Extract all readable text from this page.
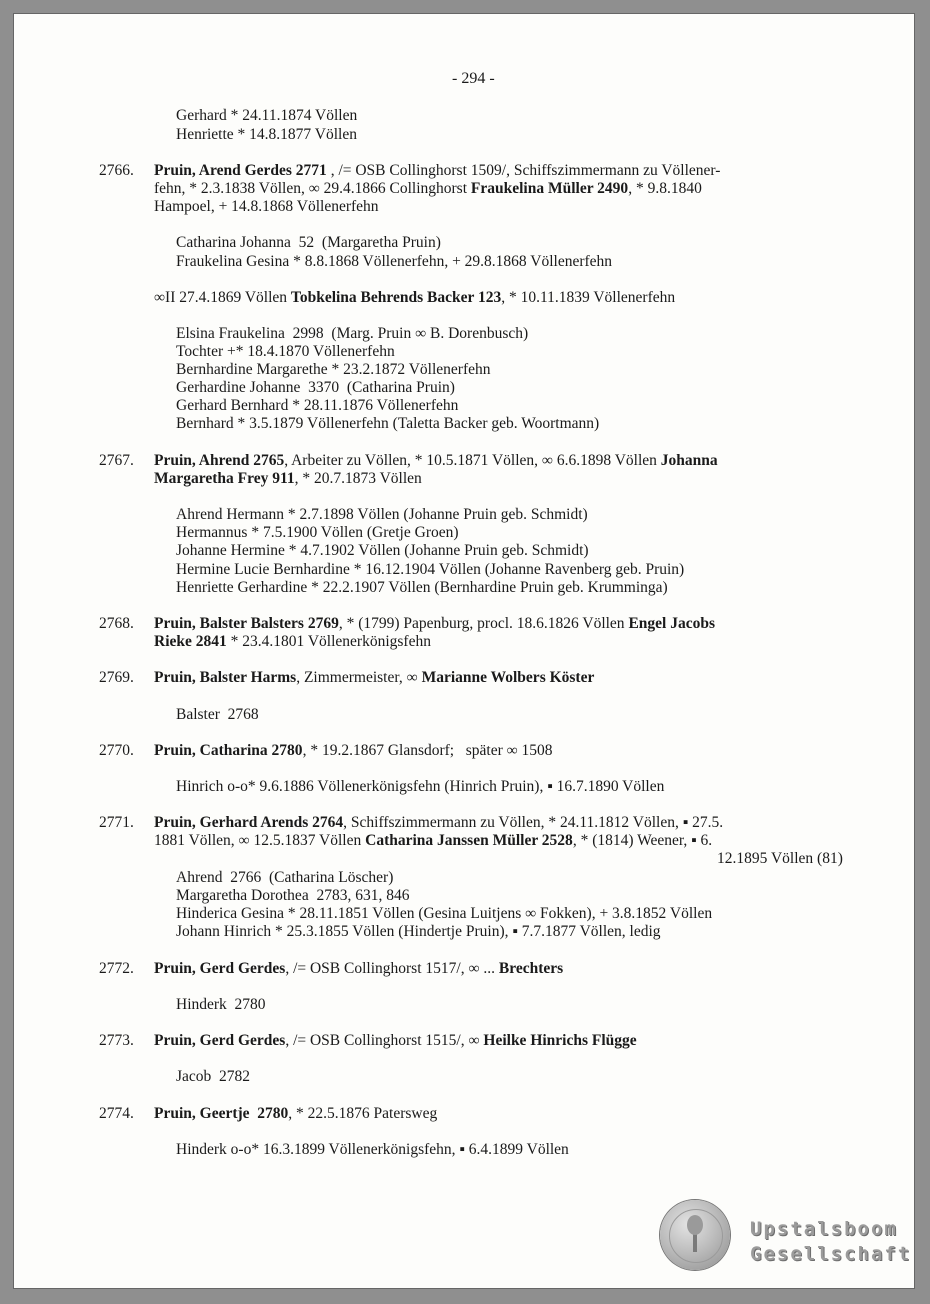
- 294 -
Gerhard * 24.11.1874 Völlen
Henriette * 14.8.1877 Völlen
2766. Pruin, Arend Gerdes 2771 , /= OSB Collinghorst 1509/, Schiffszimmermann zu Völlener-
fehn, * 2.3.1838 Völlen, ∞ 29.4.1866 Collinghorst Fraukelina Müller 2490, * 9.8.1840
Hampoel, + 14.8.1868 Völlenerfehn
Catharina Johanna  52  (Margaretha Pruin)
Fraukelina Gesina * 8.8.1868 Völlenerfehn, + 29.8.1868 Völlenerfehn
∞II 27.4.1869 Völlen Tobkelina Behrends Backer 123, * 10.11.1839 Völlenerfehn
Elsina Fraukelina  2998  (Marg. Pruin ∞ B. Dorenbusch)
Tochter +* 18.4.1870 Völlenerfehn
Bernhardine Margarethe * 23.2.1872 Völlenerfehn
Gerhardine Johanne  3370  (Catharina Pruin)
Gerhard Bernhard * 28.11.1876 Völlenerfehn
Bernhard * 3.5.1879 Völlenerfehn (Taletta Backer geb. Woortmann)
2767. Pruin, Ahrend 2765, Arbeiter zu Völlen, * 10.5.1871 Völlen, ∞ 6.6.1898 Völlen Johanna
Margaretha Frey 911, * 20.7.1873 Völlen
Ahrend Hermann * 2.7.1898 Völlen (Johanne Pruin geb. Schmidt)
Hermannus * 7.5.1900 Völlen (Gretje Groen)
Johanne Hermine * 4.7.1902 Völlen (Johanne Pruin geb. Schmidt)
Hermine Lucie Bernhardine * 16.12.1904 Völlen (Johanne Ravenberg geb. Pruin)
Henriette Gerhardine * 22.2.1907 Völlen (Bernhardine Pruin geb. Krumminga)
2768. Pruin, Balster Balsters 2769, * (1799) Papenburg, procl. 18.6.1826 Völlen Engel Jacobs
Rieke 2841 * 23.4.1801 Völlenerkönigsfehn
2769. Pruin, Balster Harms, Zimmermeister, ∞ Marianne Wolbers Köster
Balster  2768
2770. Pruin, Catharina 2780, * 19.2.1867 Glansdorf;   später ∞ 1508
Hinrich o-o* 9.6.1886 Völlenerkönigsfehn (Hinrich Pruin), ▪ 16.7.1890 Völlen
2771. Pruin, Gerhard Arends 2764, Schiffszimmermann zu Völlen, * 24.11.1812 Völlen, ▪ 27.5.
1881 Völlen, ∞ 12.5.1837 Völlen Catharina Janssen Müller 2528, * (1814) Weener, ▪ 6.
12.1895 Völlen (81)
Ahrend  2766  (Catharina Löscher)
Margaretha Dorothea  2783, 631, 846
Hinderica Gesina * 28.11.1851 Völlen (Gesina Luitjens ∞ Fokken), + 3.8.1852 Völlen
Johann Hinrich * 25.3.1855 Völlen (Hindertje Pruin), ▪ 7.7.1877 Völlen, ledig
2772. Pruin, Gerd Gerdes, /= OSB Collinghorst 1517/, ∞ ... Brechters
Hinderk  2780
2773. Pruin, Gerd Gerdes, /= OSB Collinghorst 1515/, ∞ Heilke Hinrichs Flügge
Jacob  2782
2774. Pruin, Geertje  2780, * 22.5.1876 Patersweg
Hinderk o-o* 16.3.1899 Völlenerkönigsfehn, ▪ 6.4.1899 Völlen
Upstalsboom
Gesellschaft
